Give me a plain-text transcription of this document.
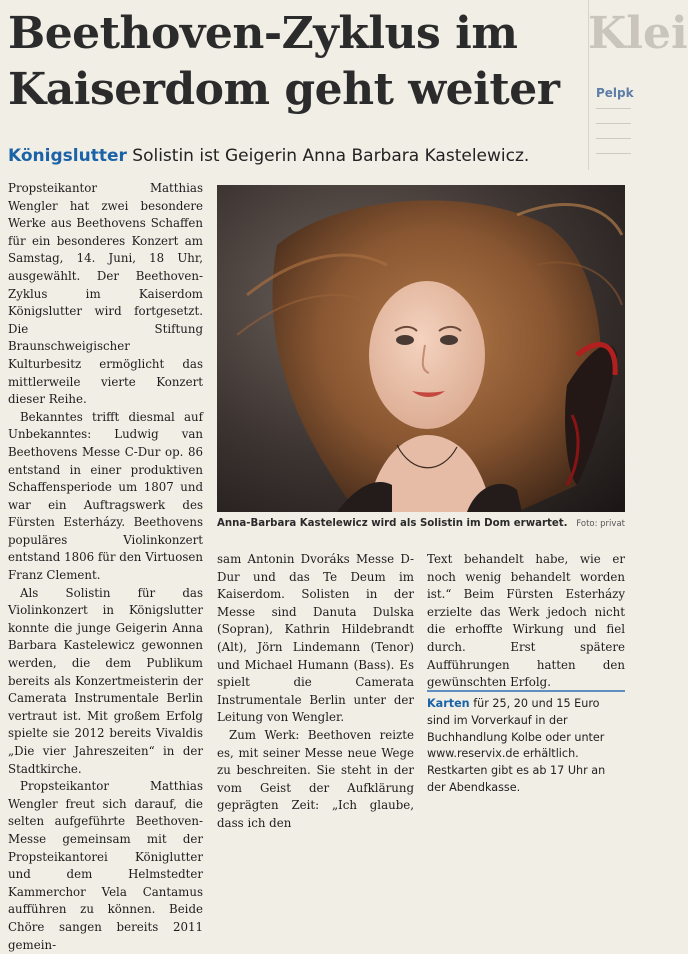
Beethoven-Zyklus im Kaiserdom geht weiter
Klei
Pelpk
Königslutter Solistin ist Geigerin Anna Barbara Kastelewicz.

Propsteikantor Matthias Wengler hat zwei besondere Werke aus Beethovens Schaffen für ein besonderes Konzert am Samstag, 14. Juni, 18 Uhr, ausgewählt. Der Beethoven-Zyklus im Kaiserdom Königslutter wird fortgesetzt. Die Stiftung Braunschweigischer Kulturbesitz ermöglicht das mittlerweile vierte Konzert dieser Reihe.

Bekanntes trifft diesmal auf Unbekanntes: Ludwig van Beethovens Messe C-Dur op. 86 entstand in einer produktiven Schaffensperiode um 1807 und war ein Auftragswerk des Fürsten Esterházy. Beethovens populäres Violinkonzert entstand 1806 für den Virtuosen Franz Clement.

Als Solistin für das Violinkonzert in Königslutter konnte die junge Geigerin Anna Barbara Kastelewicz gewonnen werden, die dem Publikum bereits als Konzertmeisterin der Camerata Instrumentale Berlin vertraut ist. Mit großem Erfolg spielte sie 2012 bereits Vivaldis „Die vier Jahreszeiten“ in der Stadtkirche.

Propsteikantor Matthias Wengler freut sich darauf, die selten aufgeführte Beethoven-Messe gemeinsam mit der Propsteikantorei Königlutter und dem Helmstedter Kammerchor Vela Cantamus aufführen zu können. Beide Chöre sangen bereits 2011 gemein-

Anna-Barbara Kastelewicz wird als Solistin im Dom erwartet. Foto: privat

sam Antonin Dvoráks Messe D-Dur und das Te Deum im Kaiserdom. Solisten in der Messe sind Danuta Dulska (Sopran), Kathrin Hildebrandt (Alt), Jörn Lindemann (Tenor) und Michael Humann (Bass). Es spielt die Camerata Instrumentale Berlin unter der Leitung von Wengler.

Zum Werk: Beethoven reizte es, mit seiner Messe neue Wege zu beschreiten. Sie steht in der vom Geist der Aufklärung geprägten Zeit: „Ich glaube, dass ich den

Text behandelt habe, wie er noch wenig behandelt worden ist.“ Beim Fürsten Esterházy erzielte das Werk jedoch nicht die erhoffte Wirkung und fiel durch. Erst spätere Aufführungen hatten den gewünschten Erfolg.

Karten für 25, 20 und 15 Euro sind im Vorverkauf in der Buchhandlung Kolbe oder unter www.reservix.de erhältlich. Restkarten gibt es ab 17 Uhr an der Abendkasse.
